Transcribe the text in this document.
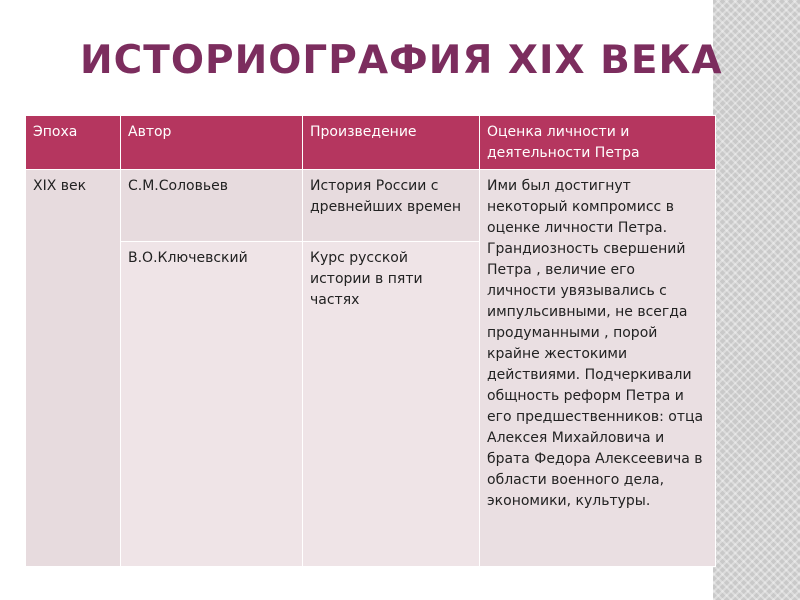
ИСТОРИОГРАФИЯ XIX ВЕКА
Эпоха	Автор	Произведение	Оценка личности и деятельности Петра
XIX век	С.М.Соловьев	История России с древнейших времен	Ими был достигнут некоторый компромисс в оценке личности Петра. Грандиозность свершений Петра , величие его личности увязывались с импульсивными, не всегда продуманными , порой крайне жестокими действиями. Подчеркивали общность реформ Петра и его предшественников: отца Алексея Михайловича и брата Федора Алексеевича в области военного дела, экономики, культуры.
	В.О.Ключевский	Курс русской истории в пяти частях	
